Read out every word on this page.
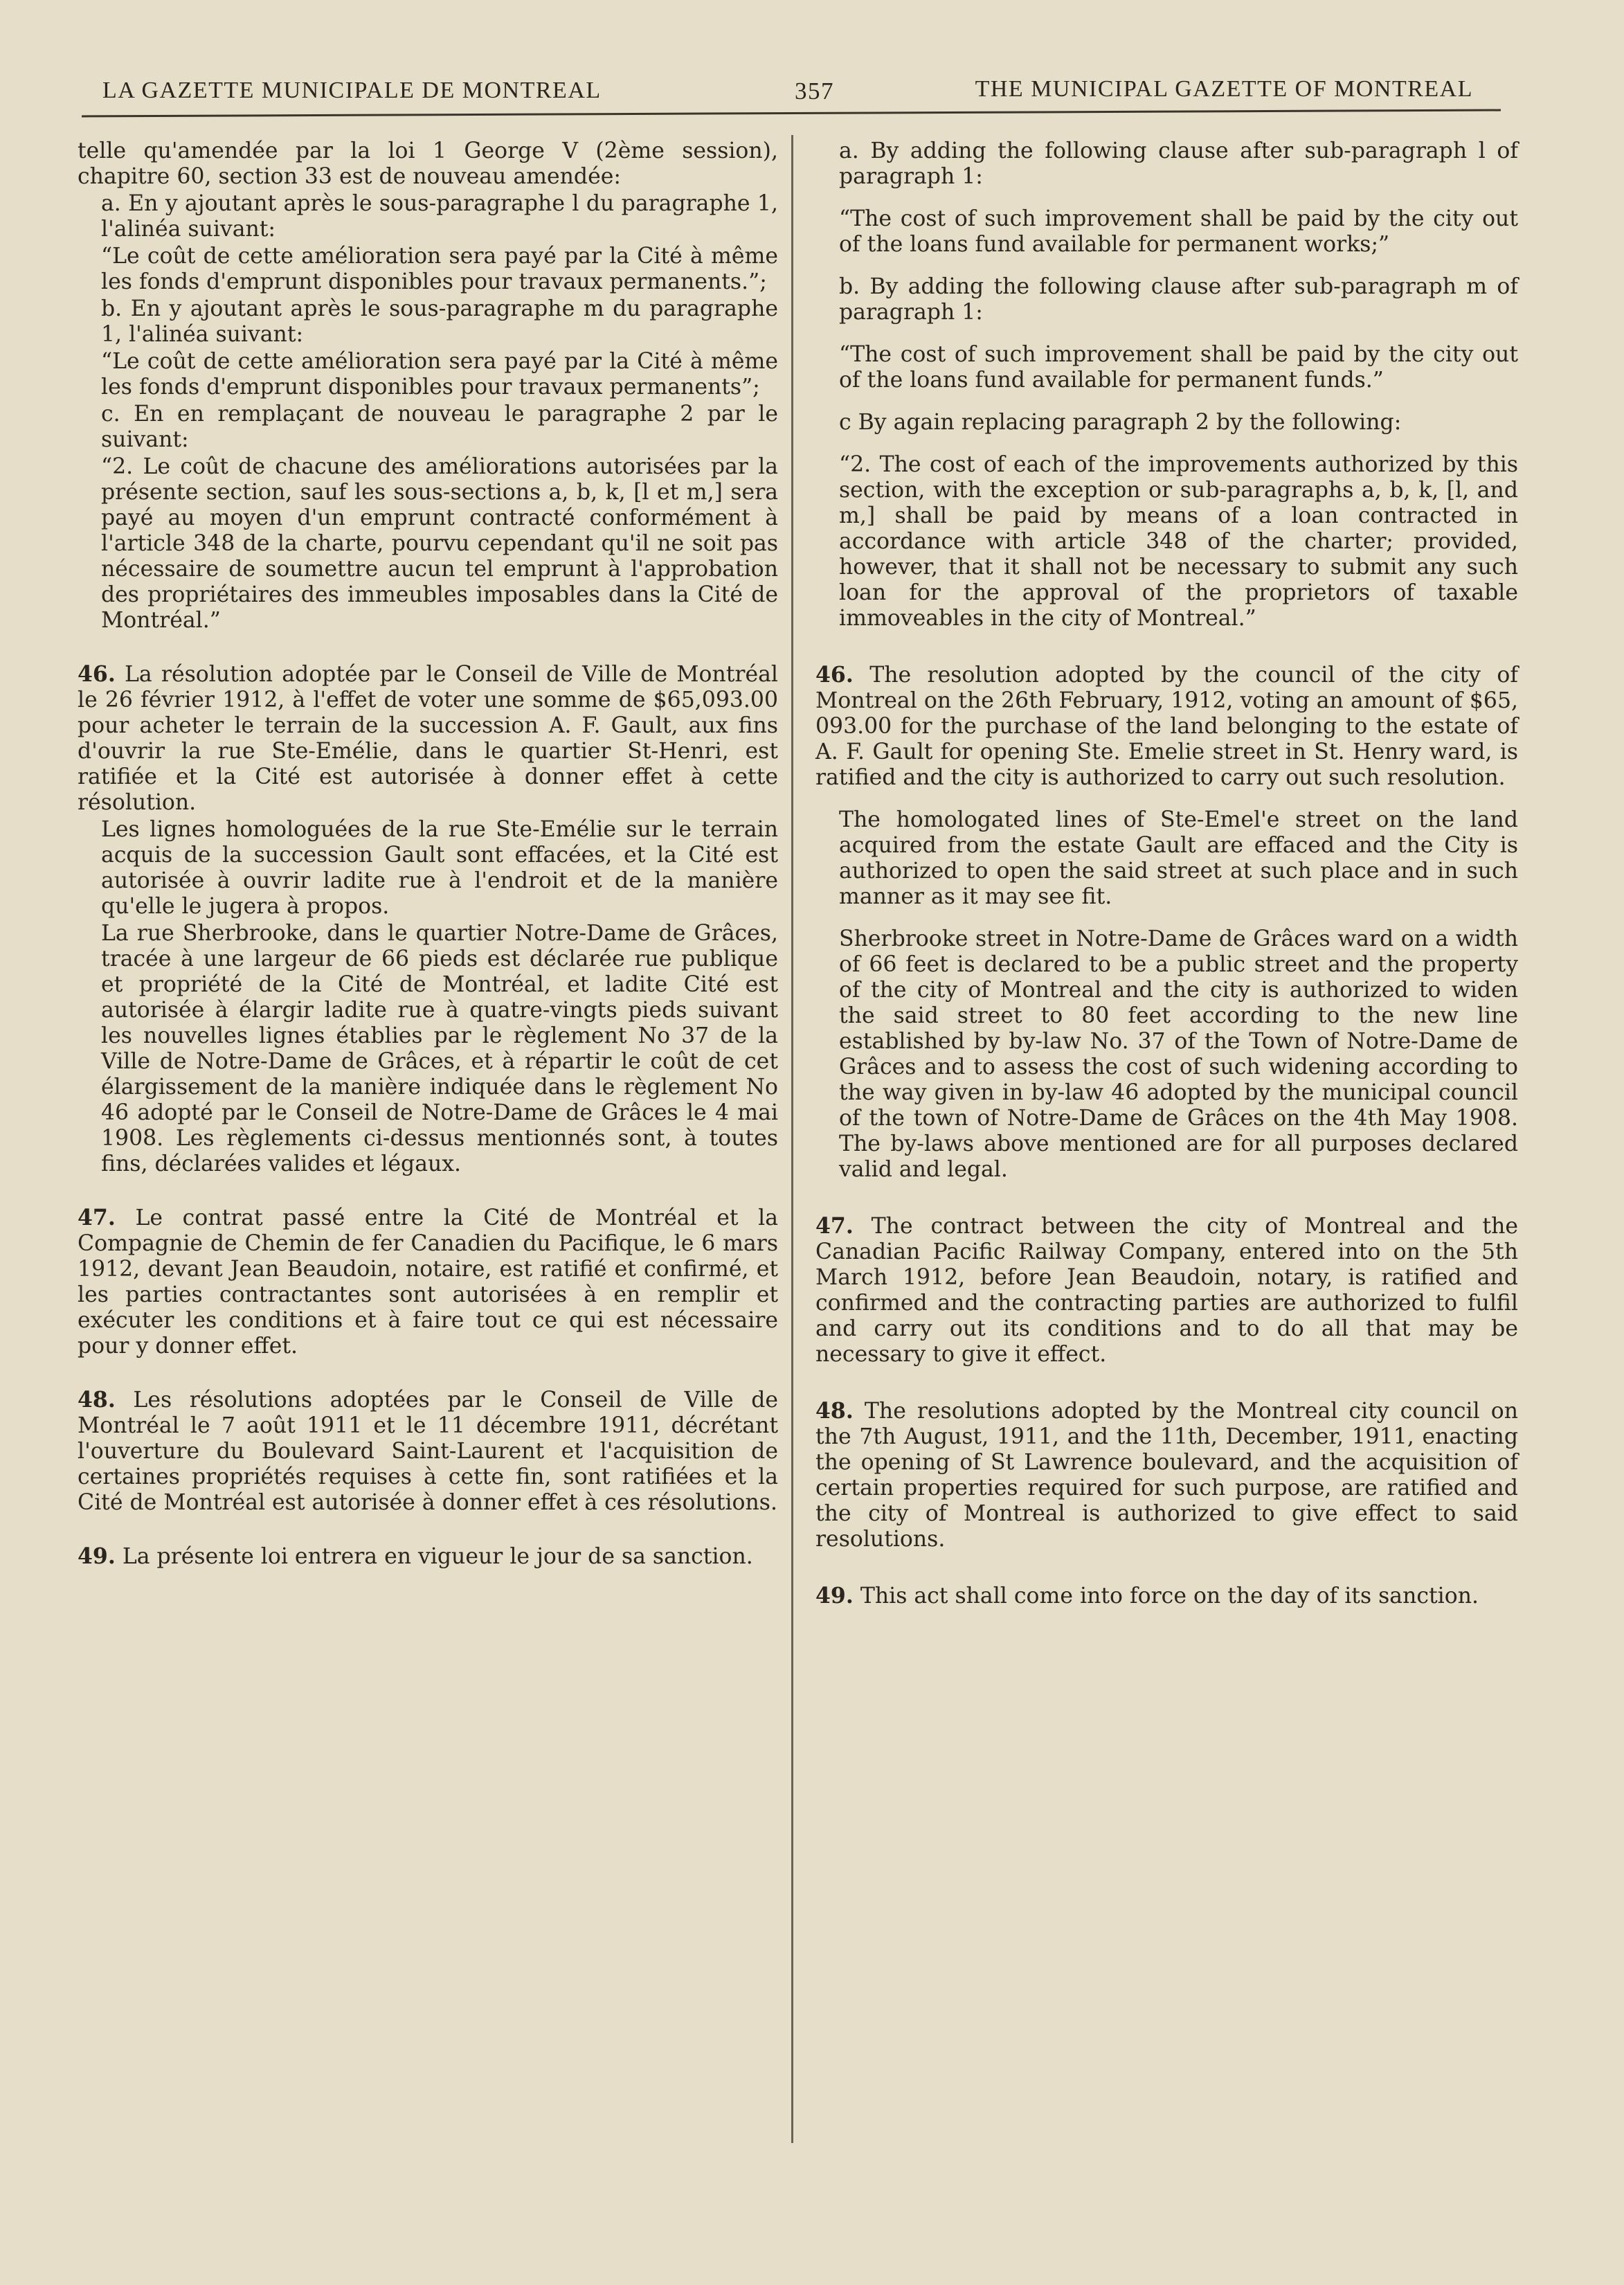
LA GAZETTE MUNICIPALE DE MONTREAL	357	THE MUNICIPAL GAZETTE OF MONTREAL

telle qu'amendée par la loi 1 George V (2ème session), chapitre 60, section 33 est de nouveau amendée:

a. En y ajoutant après le sous-paragraphe l du paragraphe 1, l'alinéa suivant:

“Le coût de cette amélioration sera payé par la Cité à même les fonds d'emprunt disponibles pour travaux permanents.”;

b. En y ajoutant après le sous-paragraphe m du paragraphe 1, l'alinéa suivant:

“Le coût de cette amélioration sera payé par la Cité à même les fonds d'emprunt disponibles pour travaux permanents”;

c. En en remplaçant de nouveau le paragraphe 2 par le suivant:

“2. Le coût de chacune des améliorations autorisées par la présente section, sauf les sous-sections a, b, k, [l et m,] sera payé au moyen d'un emprunt contracté conformément à l'article 348 de la charte, pourvu cependant qu'il ne soit pas nécessaire de soumettre aucun tel emprunt à l'approbation des propriétaires des immeubles imposables dans la Cité de Montréal.”

46. La résolution adoptée par le Conseil de Ville de Montréal le 26 février 1912, à l'effet de voter une somme de $65,093.00 pour acheter le terrain de la succession A. F. Gault, aux fins d'ouvrir la rue Ste-Emélie, dans le quartier St-Henri, est ratifiée et la Cité est autorisée à donner effet à cette résolution.

Les lignes homologuées de la rue Ste-Emélie sur le terrain acquis de la succession Gault sont effacées, et la Cité est autorisée à ouvrir ladite rue à l'endroit et de la manière qu'elle le jugera à propos.

La rue Sherbrooke, dans le quartier Notre-Dame de Grâces, tracée à une largeur de 66 pieds est déclarée rue publique et propriété de la Cité de Montréal, et ladite Cité est autorisée à élargir ladite rue à quatre-vingts pieds suivant les nouvelles lignes établies par le règlement No 37 de la Ville de Notre-Dame de Grâces, et à répartir le coût de cet élargissement de la manière indiquée dans le règlement No 46 adopté par le Conseil de Notre-Dame de Grâces le 4 mai 1908. Les règlements ci-dessus mentionnés sont, à toutes fins, déclarées valides et légaux.

47. Le contrat passé entre la Cité de Montréal et la Compagnie de Chemin de fer Canadien du Pacifique, le 6 mars 1912, devant Jean Beaudoin, notaire, est ratifié et confirmé, et les parties contractantes sont autorisées à en remplir et exécuter les conditions et à faire tout ce qui est nécessaire pour y donner effet.

48. Les résolutions adoptées par le Conseil de Ville de Montréal le 7 août 1911 et le 11 décembre 1911, décrétant l'ouverture du Boulevard Saint-Laurent et l'acquisition de certaines propriétés requises à cette fin, sont ratifiées et la Cité de Montréal est autorisée à donner effet à ces résolutions.

49. La présente loi entrera en vigueur le jour de sa sanction.

a. By adding the following clause after sub-paragraph l of paragraph 1:

“The cost of such improvement shall be paid by the city out of the loans fund available for permanent works;”

b. By adding the following clause after sub-paragraph m of paragraph 1:

“The cost of such improvement shall be paid by the city out of the loans fund available for permanent funds.”

c By again replacing paragraph 2 by the following:

“2. The cost of each of the improvements authorized by this section, with the exception or sub-paragraphs a, b, k, [l, and m,] shall be paid by means of a loan contracted in accordance with article 348 of the charter; provided, however, that it shall not be necessary to submit any such loan for the approval of the proprietors of taxable immoveables in the city of Montreal.”

46. The resolution adopted by the council of the city of Montreal on the 26th February, 1912, voting an amount of $65, 093.00 for the purchase of the land belonging to the estate of A. F. Gault for opening Ste. Emelie street in St. Henry ward, is ratified and the city is authorized to carry out such resolution.

The homologated lines of Ste-Emel'e street on the land acquired from the estate Gault are effaced and the City is authorized to open the said street at such place and in such manner as it may see fit.

Sherbrooke street in Notre-Dame de Grâces ward on a width of 66 feet is declared to be a public street and the property of the city of Montreal and the city is authorized to widen the said street to 80 feet according to the new line established by by-law No. 37 of the Town of Notre-Dame de Grâces and to assess the cost of such widening according to the way given in by-law 46 adopted by the municipal council of the town of Notre-Dame de Grâces on the 4th May 1908. The by-laws above mentioned are for all purposes declared valid and legal.

47. The contract between the city of Montreal and the Canadian Pacific Railway Company, entered into on the 5th March 1912, before Jean Beaudoin, notary, is ratified and confirmed and the contracting parties are authorized to fulfil and carry out its conditions and to do all that may be necessary to give it effect.

48. The resolutions adopted by the Montreal city council on the 7th August, 1911, and the 11th, December, 1911, enacting the opening of St Lawrence boulevard, and the acquisition of certain properties required for such purpose, are ratified and the city of Montreal is authorized to give effect to said resolutions.

49. This act shall come into force on the day of its sanction.
